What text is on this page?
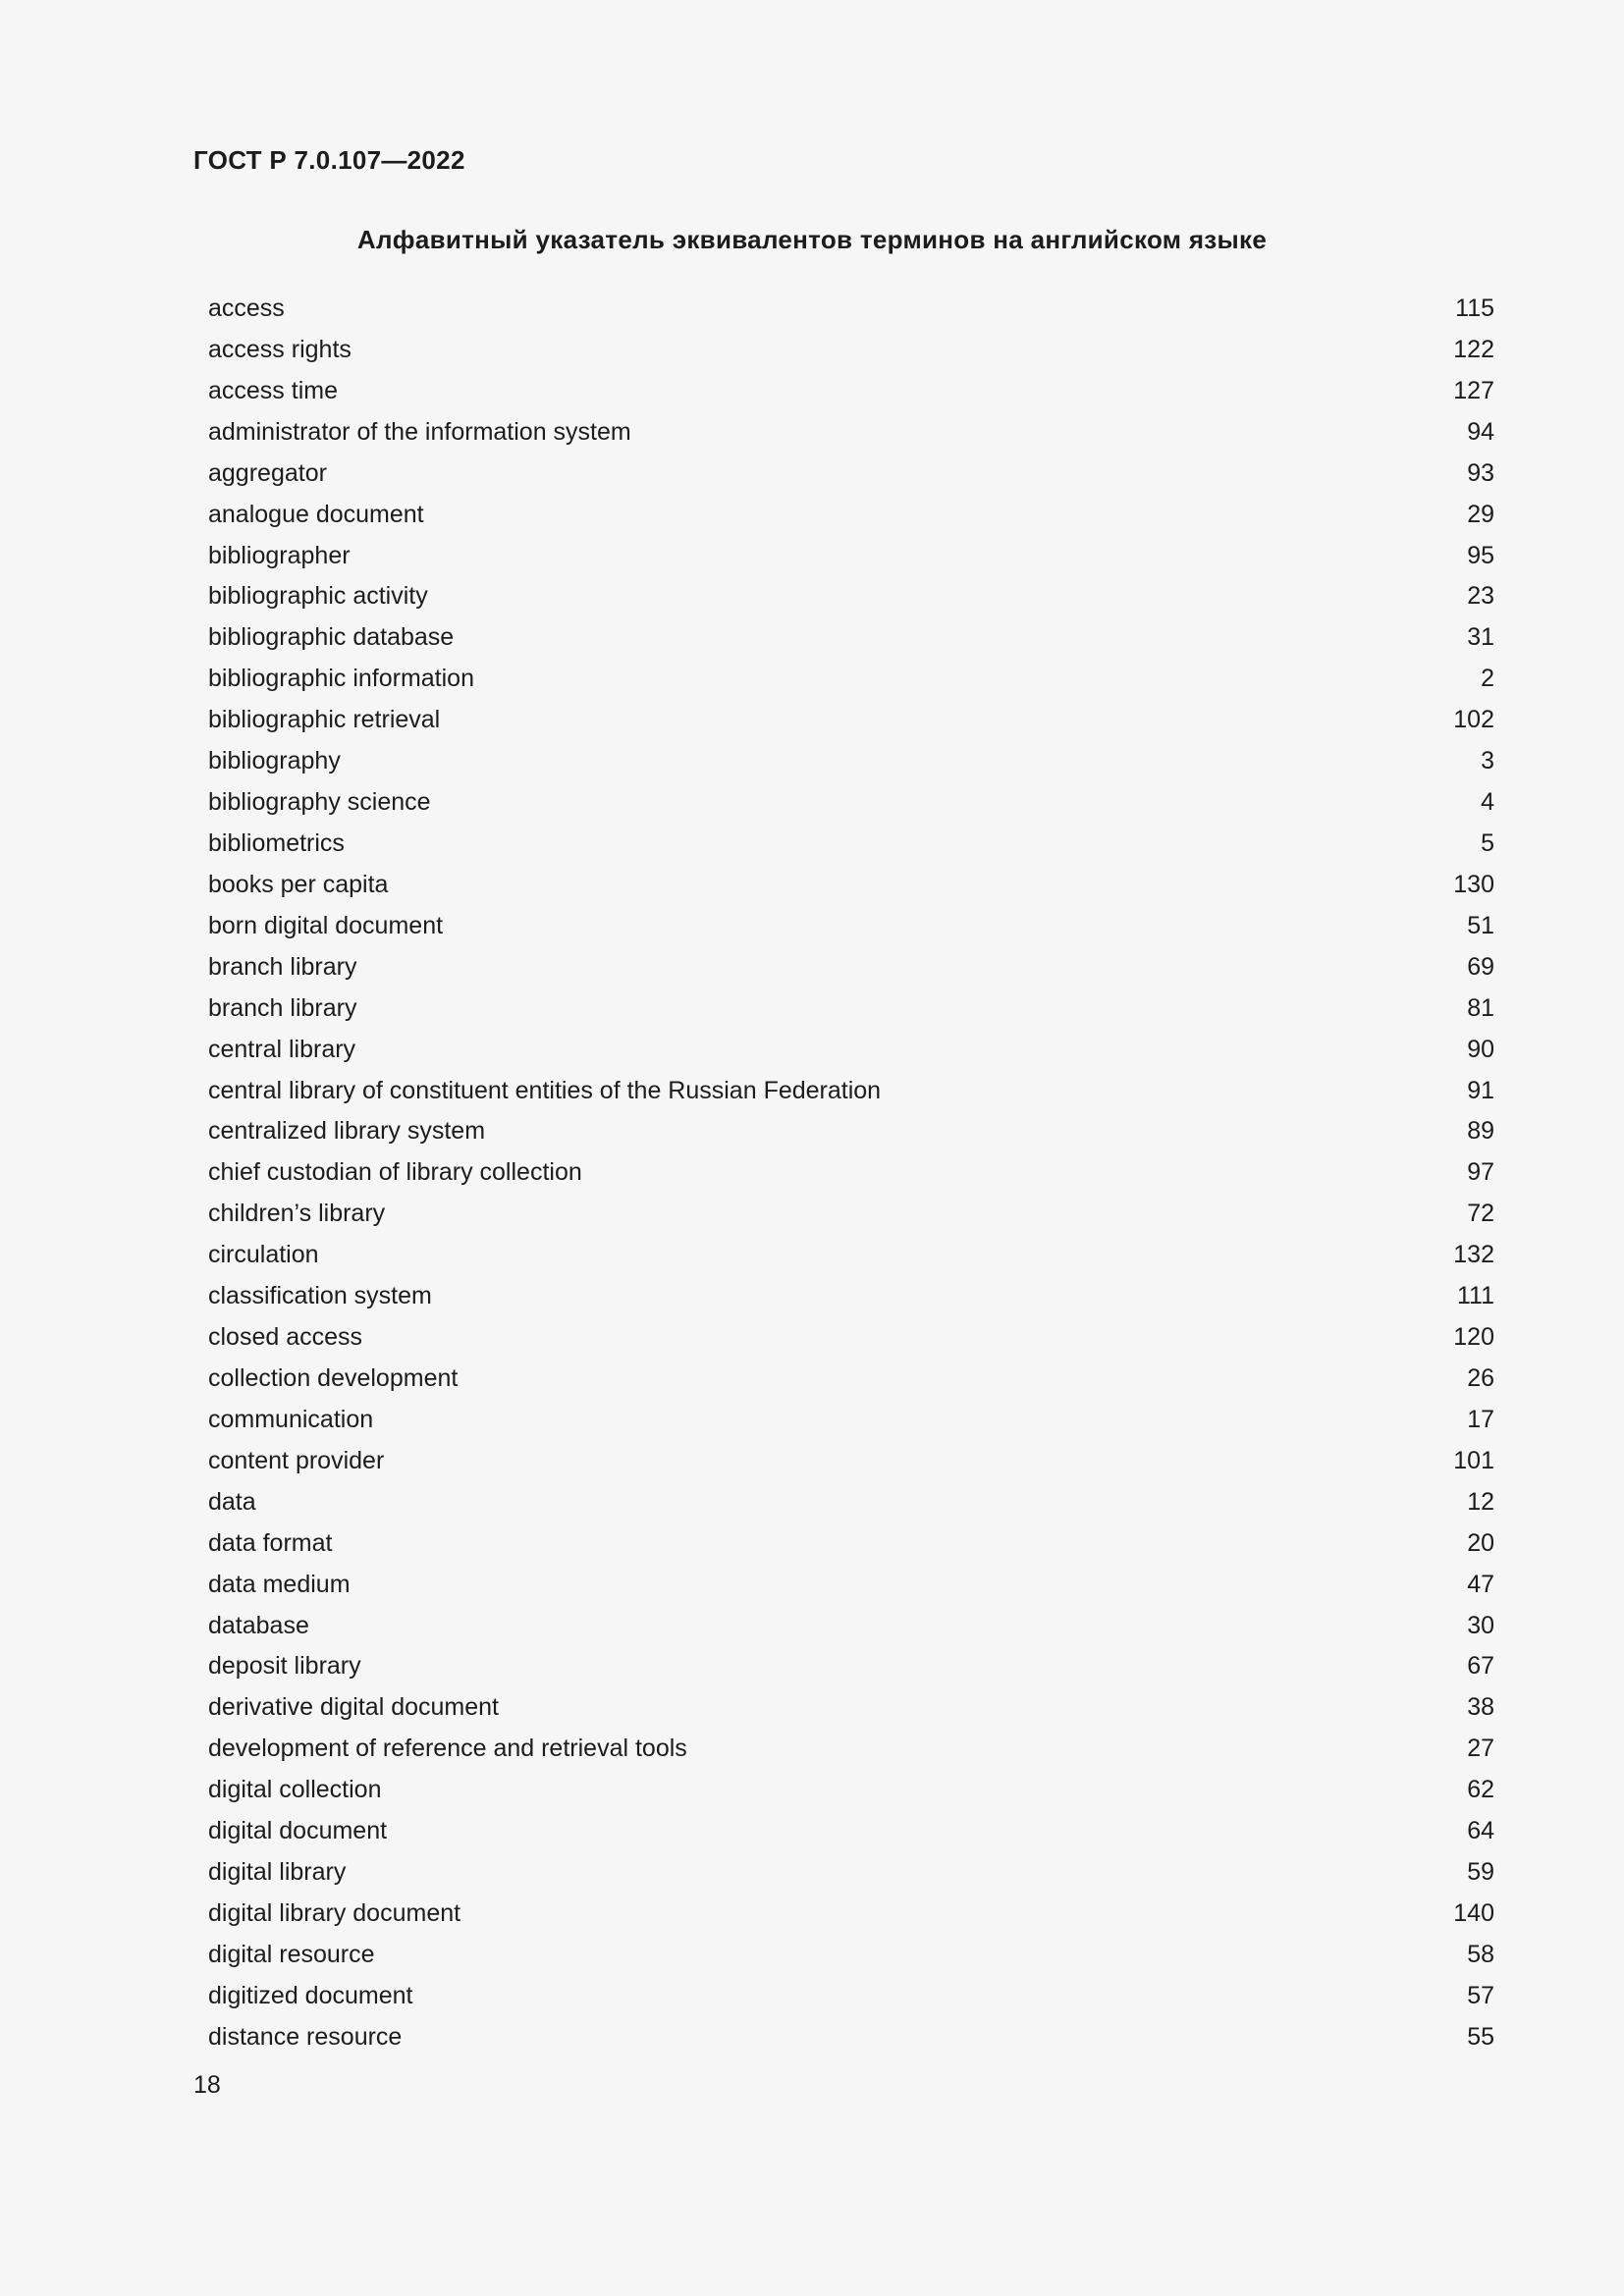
ГОСТ Р 7.0.107—2022
Алфавитный указатель эквивалентов терминов на английском языке
access	115
access rights	122
access time	127
administrator of the information system	94
aggregator	93
analogue document	29
bibliographer	95
bibliographic activity	23
bibliographic database	31
bibliographic information	2
bibliographic retrieval	102
bibliography	3
bibliography science	4
bibliometrics	5
books per capita	130
born digital document	51
branch library	69
branch library	81
central library	90
central library of constituent entities of the Russian Federation	91
centralized library system	89
chief custodian of library collection	97
children’s library	72
circulation	132
classification system	111
closed access	120
collection development	26
communication	17
content provider	101
data	12
data format	20
data medium	47
database	30
deposit library	67
derivative digital document	38
development of reference and retrieval tools	27
digital collection	62
digital document	64
digital library	59
digital library document	140
digital resource	58
digitized document	57
distance resource	55
18
